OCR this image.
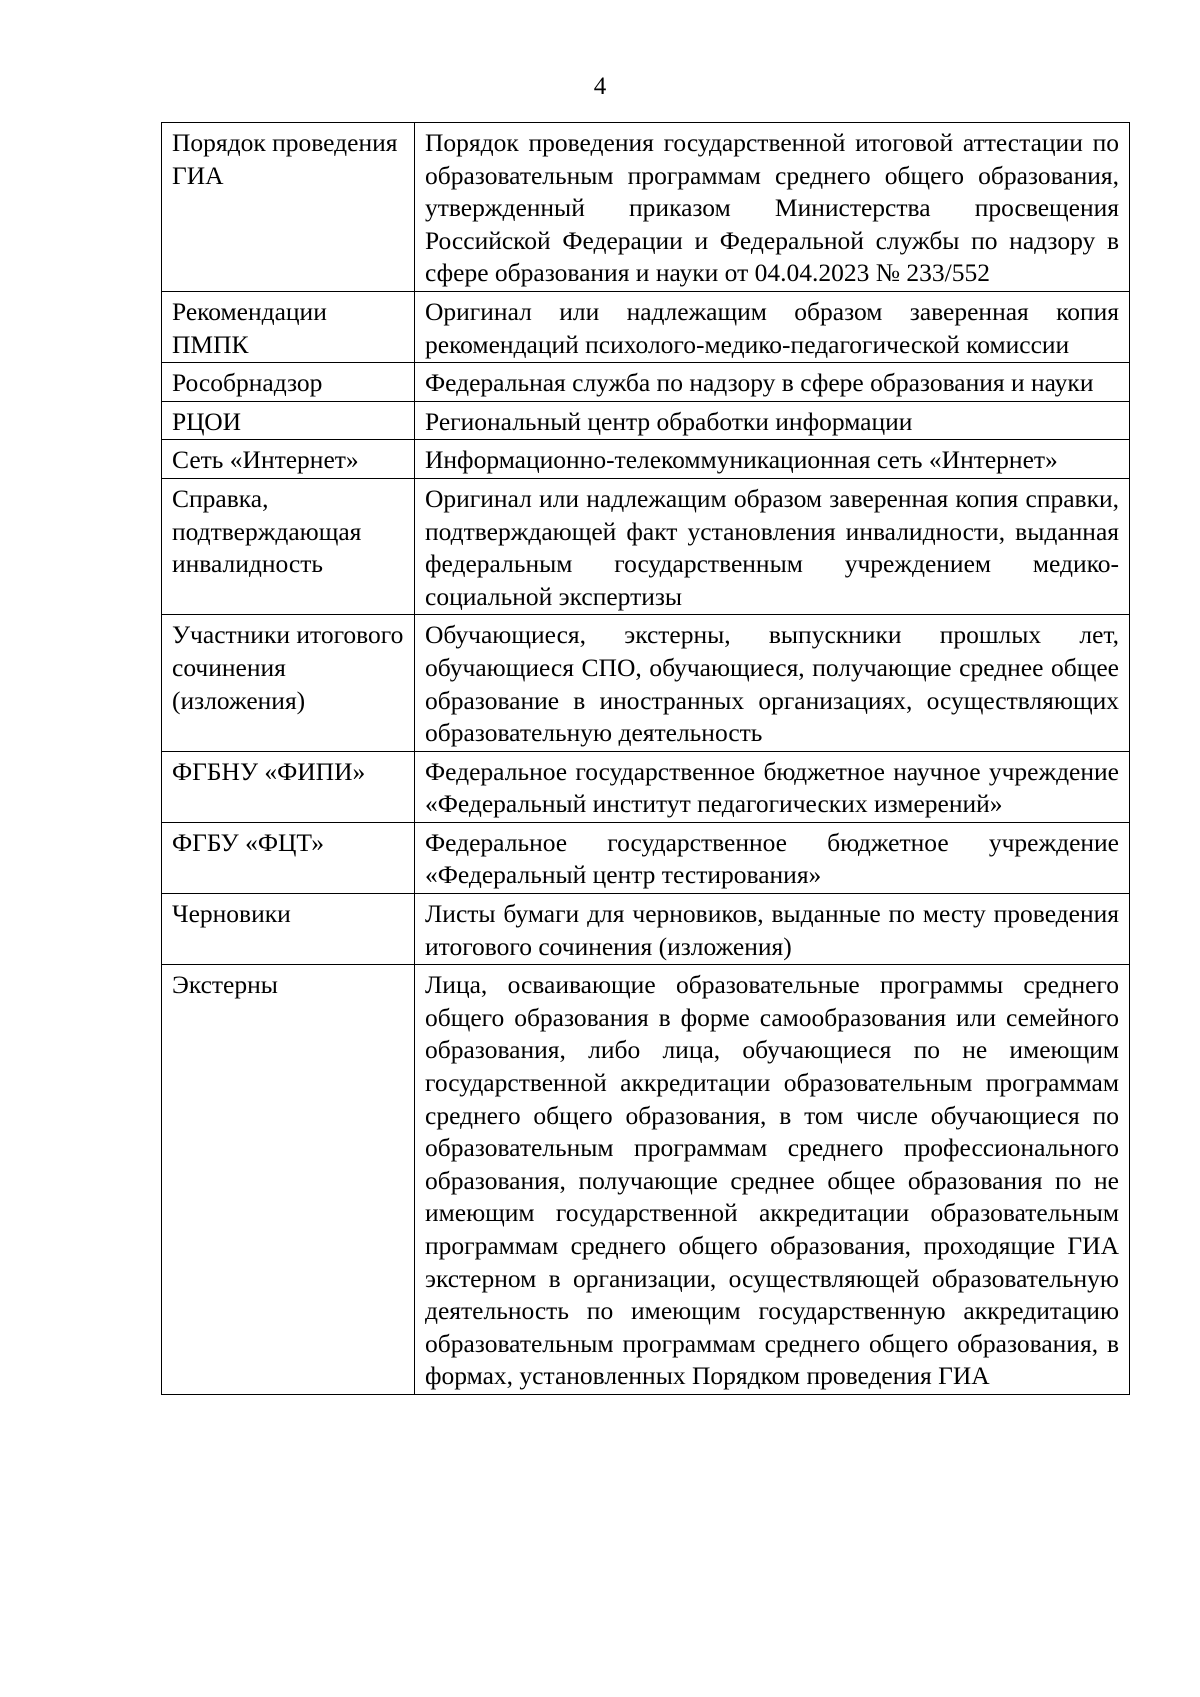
4
Порядок проведения ГИА	Порядок проведения государственной итоговой аттестации по образовательным программам среднего общего образования, утвержденный приказом Министерства просвещения Российской Федерации и Федеральной службы по надзору в сфере образования и науки от 04.04.2023 № 233/552
Рекомендации ПМПК	Оригинал или надлежащим образом заверенная копия рекомендаций психолого-медико-педагогической комиссии
Рособрнадзор	Федеральная служба по надзору в сфере образования и науки
РЦОИ	Региональный центр обработки информации
Сеть «Интернет»	Информационно-телекоммуникационная сеть «Интернет»
Справка, подтверждающая инвалидность	Оригинал или надлежащим образом заверенная копия справки, подтверждающей факт установления инвалидности, выданная федеральным государственным учреждением медико-социальной экспертизы
Участники итогового сочинения (изложения)	Обучающиеся, экстерны, выпускники прошлых лет, обучающиеся СПО, обучающиеся, получающие среднее общее образование в иностранных организациях, осуществляющих образовательную деятельность
ФГБНУ «ФИПИ»	Федеральное государственное бюджетное научное учреждение «Федеральный институт педагогических измерений»
ФГБУ «ФЦТ»	Федеральное государственное бюджетное учреждение «Федеральный центр тестирования»
Черновики	Листы бумаги для черновиков, выданные по месту проведения итогового сочинения (изложения)
Экстерны	Лица, осваивающие образовательные программы среднего общего образования в форме самообразования или семейного образования, либо лица, обучающиеся по не имеющим государственной аккредитации образовательным программам среднего общего образования, в том числе обучающиеся по образовательным программам среднего профессионального образования, получающие среднее общее образования по не имеющим государственной аккредитации образовательным программам среднего общего образования, проходящие ГИА экстерном в организации, осуществляющей образовательную деятельность по имеющим государственную аккредитацию образовательным программам среднего общего образования, в формах, установленных Порядком проведения ГИА
